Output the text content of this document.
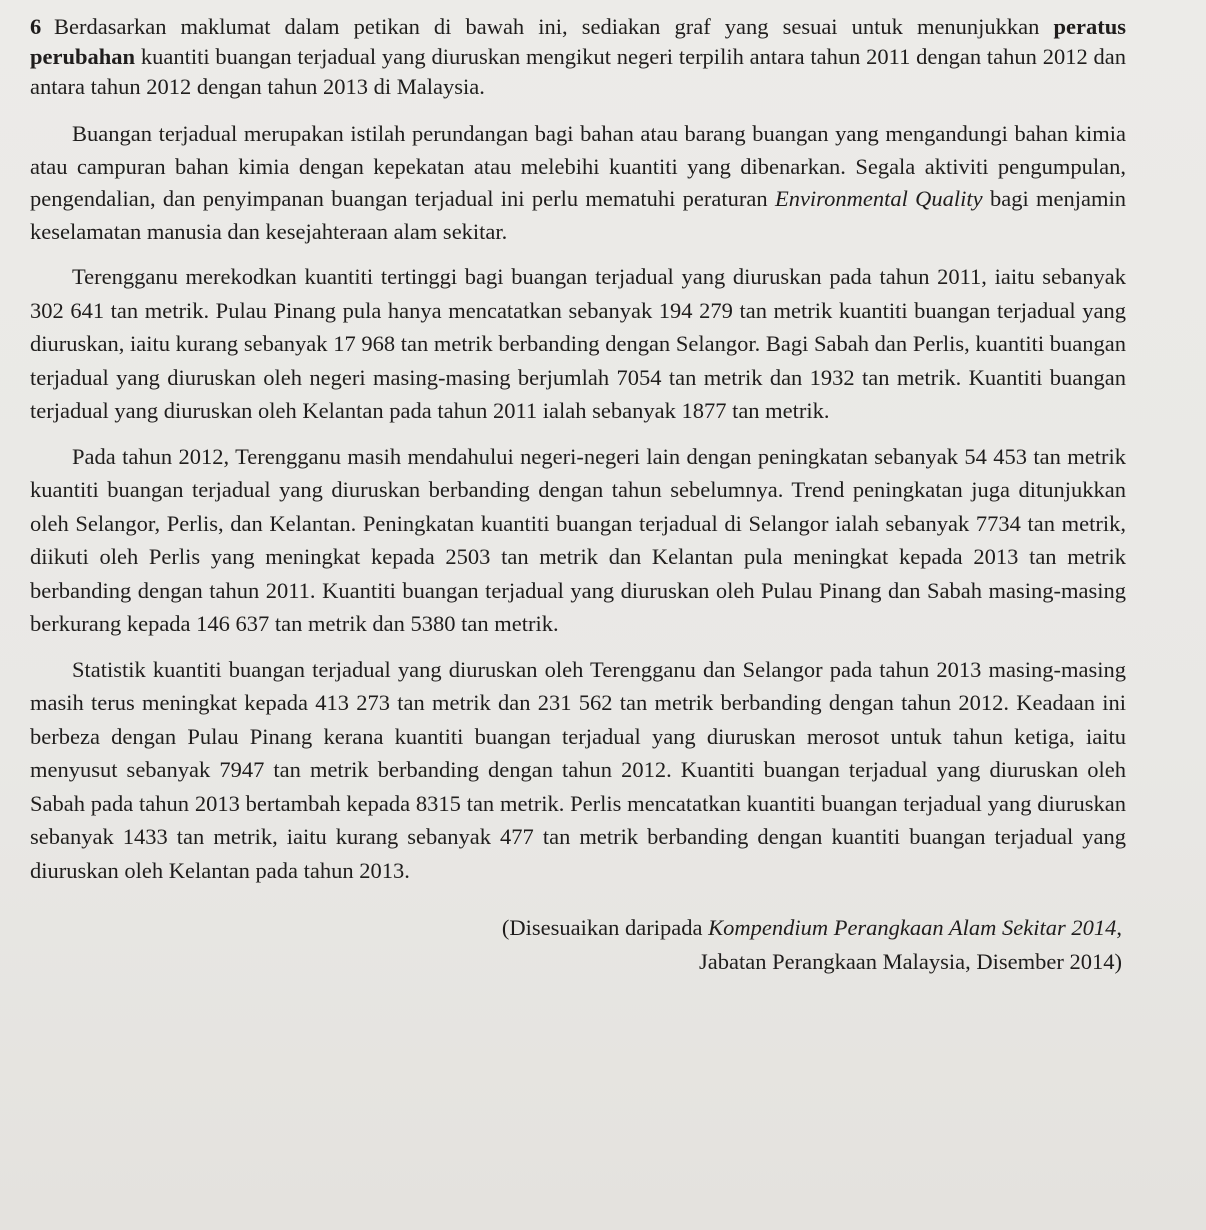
6 Berdasarkan maklumat dalam petikan di bawah ini, sediakan graf yang sesuai untuk menunjukkan peratus perubahan kuantiti buangan terjadual yang diuruskan mengikut negeri terpilih antara tahun 2011 dengan tahun 2012 dan antara tahun 2012 dengan tahun 2013 di Malaysia.

Buangan terjadual merupakan istilah perundangan bagi bahan atau barang buangan yang mengandungi bahan kimia atau campuran bahan kimia dengan kepekatan atau melebihi kuantiti yang dibenarkan. Segala aktiviti pengumpulan, pengendalian, dan penyimpanan buangan terjadual ini perlu mematuhi peraturan Environmental Quality bagi menjamin keselamatan manusia dan kesejahteraan alam sekitar.

Terengganu merekodkan kuantiti tertinggi bagi buangan terjadual yang diuruskan pada tahun 2011, iaitu sebanyak 302 641 tan metrik. Pulau Pinang pula hanya mencatatkan sebanyak 194 279 tan metrik kuantiti buangan terjadual yang diuruskan, iaitu kurang sebanyak 17 968 tan metrik berbanding dengan Selangor. Bagi Sabah dan Perlis, kuantiti buangan terjadual yang diuruskan oleh negeri masing-masing berjumlah 7054 tan metrik dan 1932 tan metrik. Kuantiti buangan terjadual yang diuruskan oleh Kelantan pada tahun 2011 ialah sebanyak 1877 tan metrik.

Pada tahun 2012, Terengganu masih mendahului negeri-negeri lain dengan peningkatan sebanyak 54 453 tan metrik kuantiti buangan terjadual yang diuruskan berbanding dengan tahun sebelumnya. Trend peningkatan juga ditunjukkan oleh Selangor, Perlis, dan Kelantan. Peningkatan kuantiti buangan terjadual di Selangor ialah sebanyak 7734 tan metrik, diikuti oleh Perlis yang meningkat kepada 2503 tan metrik dan Kelantan pula meningkat kepada 2013 tan metrik berbanding dengan tahun 2011. Kuantiti buangan terjadual yang diuruskan oleh Pulau Pinang dan Sabah masing-masing berkurang kepada 146 637 tan metrik dan 5380 tan metrik.

Statistik kuantiti buangan terjadual yang diuruskan oleh Terengganu dan Selangor pada tahun 2013 masing-masing masih terus meningkat kepada 413 273 tan metrik dan 231 562 tan metrik berbanding dengan tahun 2012. Keadaan ini berbeza dengan Pulau Pinang kerana kuantiti buangan terjadual yang diuruskan merosot untuk tahun ketiga, iaitu menyusut sebanyak 7947 tan metrik berbanding dengan tahun 2012. Kuantiti buangan terjadual yang diuruskan oleh Sabah pada tahun 2013 bertambah kepada 8315 tan metrik. Perlis mencatatkan kuantiti buangan terjadual yang diuruskan sebanyak 1433 tan metrik, iaitu kurang sebanyak 477 tan metrik berbanding dengan kuantiti buangan terjadual yang diuruskan oleh Kelantan pada tahun 2013.

(Disesuaikan daripada Kompendium Perangkaan Alam Sekitar 2014,
Jabatan Perangkaan Malaysia, Disember 2014)
